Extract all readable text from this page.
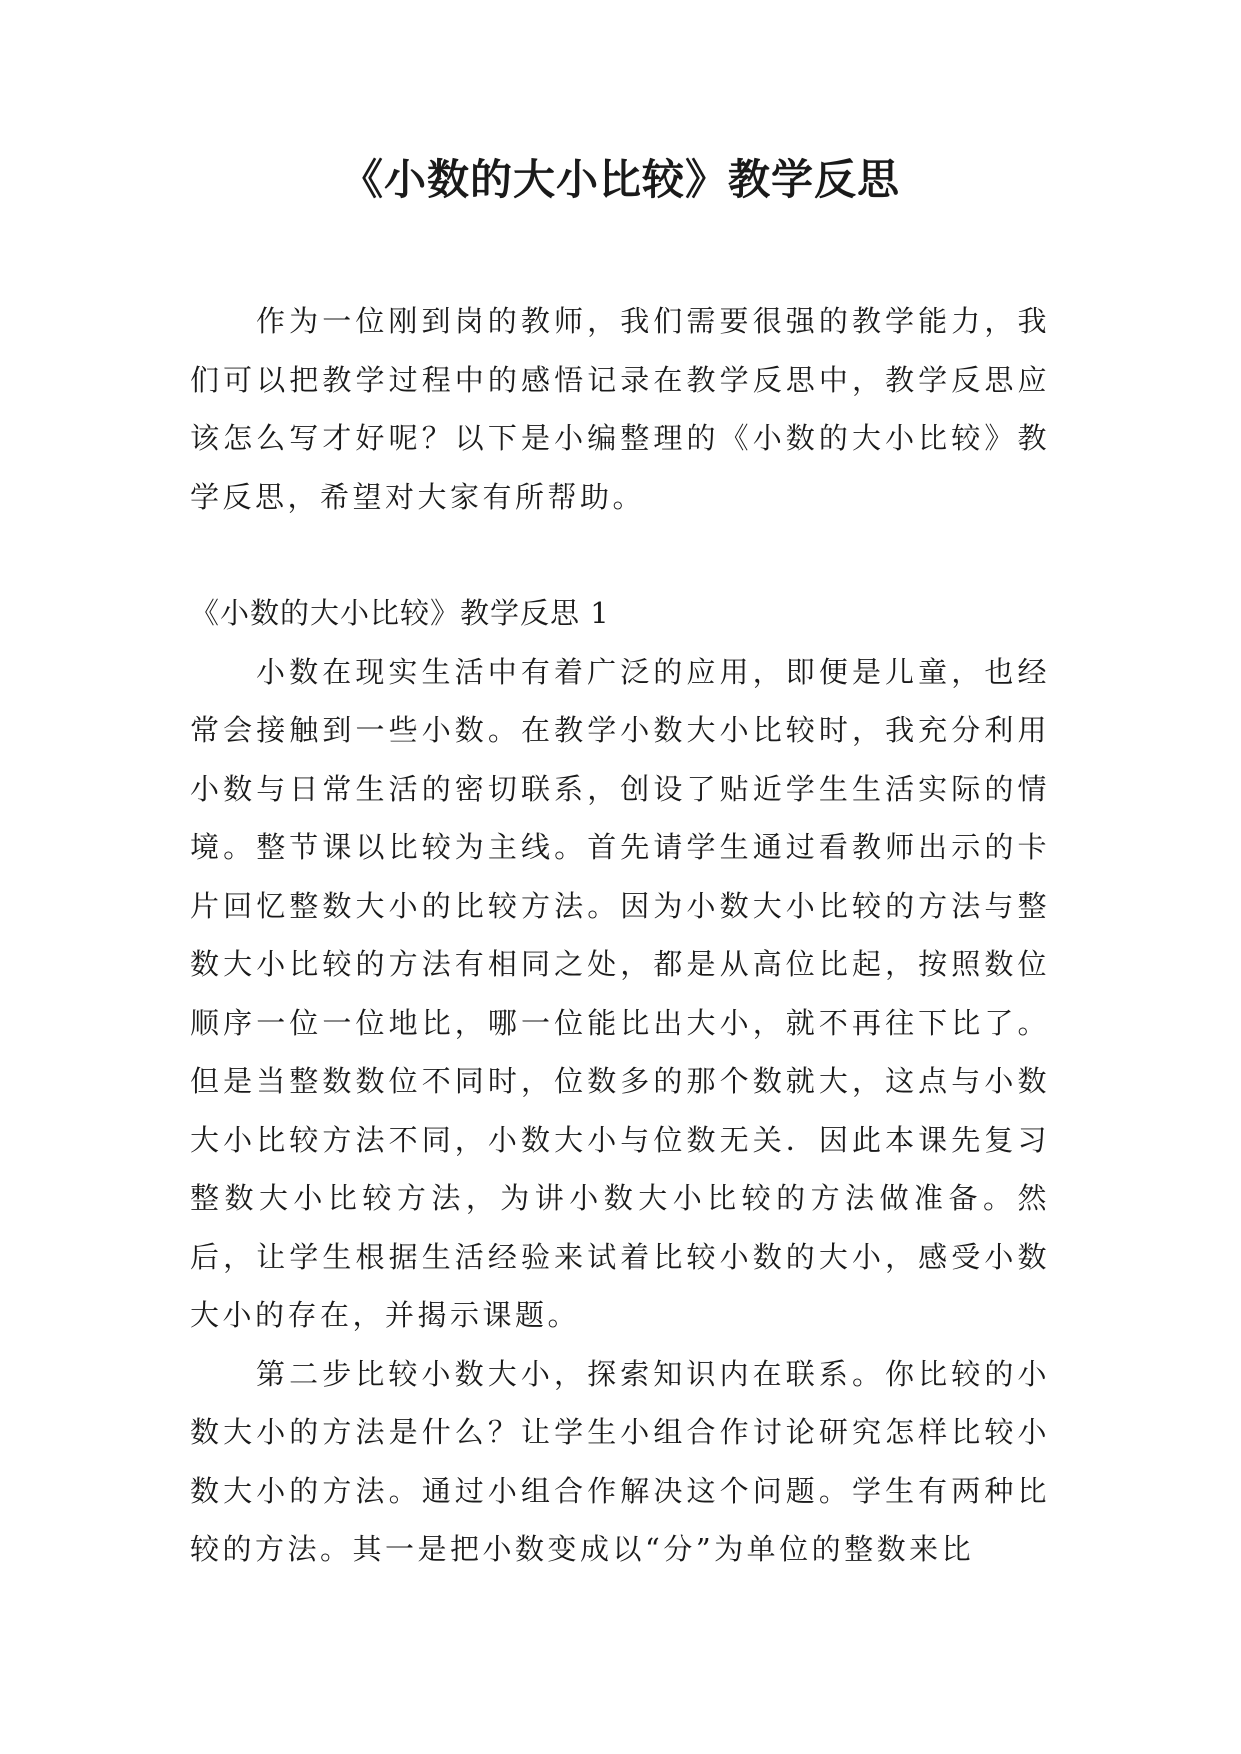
《小数的大小比较》教学反思

作为一位刚到岗的教师，我们需要很强的教学能力，我们可以把教学过程中的感悟记录在教学反思中，教学反思应该怎么写才好呢？以下是小编整理的《小数的大小比较》教学反思，希望对大家有所帮助。

《小数的大小比较》教学反思 1

小数在现实生活中有着广泛的应用，即便是儿童，也经常会接触到一些小数。在教学小数大小比较时，我充分利用小数与日常生活的密切联系，创设了贴近学生生活实际的情境。整节课以比较为主线。首先请学生通过看教师出示的卡片回忆整数大小的比较方法。因为小数大小比较的方法与整数大小比较的方法有相同之处，都是从高位比起，按照数位顺序一位一位地比，哪一位能比出大小，就不再往下比了。但是当整数数位不同时，位数多的那个数就大，这点与小数大小比较方法不同，小数大小与位数无关．因此本课先复习整数大小比较方法，为讲小数大小比较的方法做准备。然后，让学生根据生活经验来试着比较小数的大小，感受小数大小的存在，并揭示课题。

第二步比较小数大小，探索知识内在联系。你比较的小数大小的方法是什么？让学生小组合作讨论研究怎样比较小数大小的方法。通过小组合作解决这个问题。学生有两种比较的方法。其一是把小数变成以“分”为单位的整数来比
